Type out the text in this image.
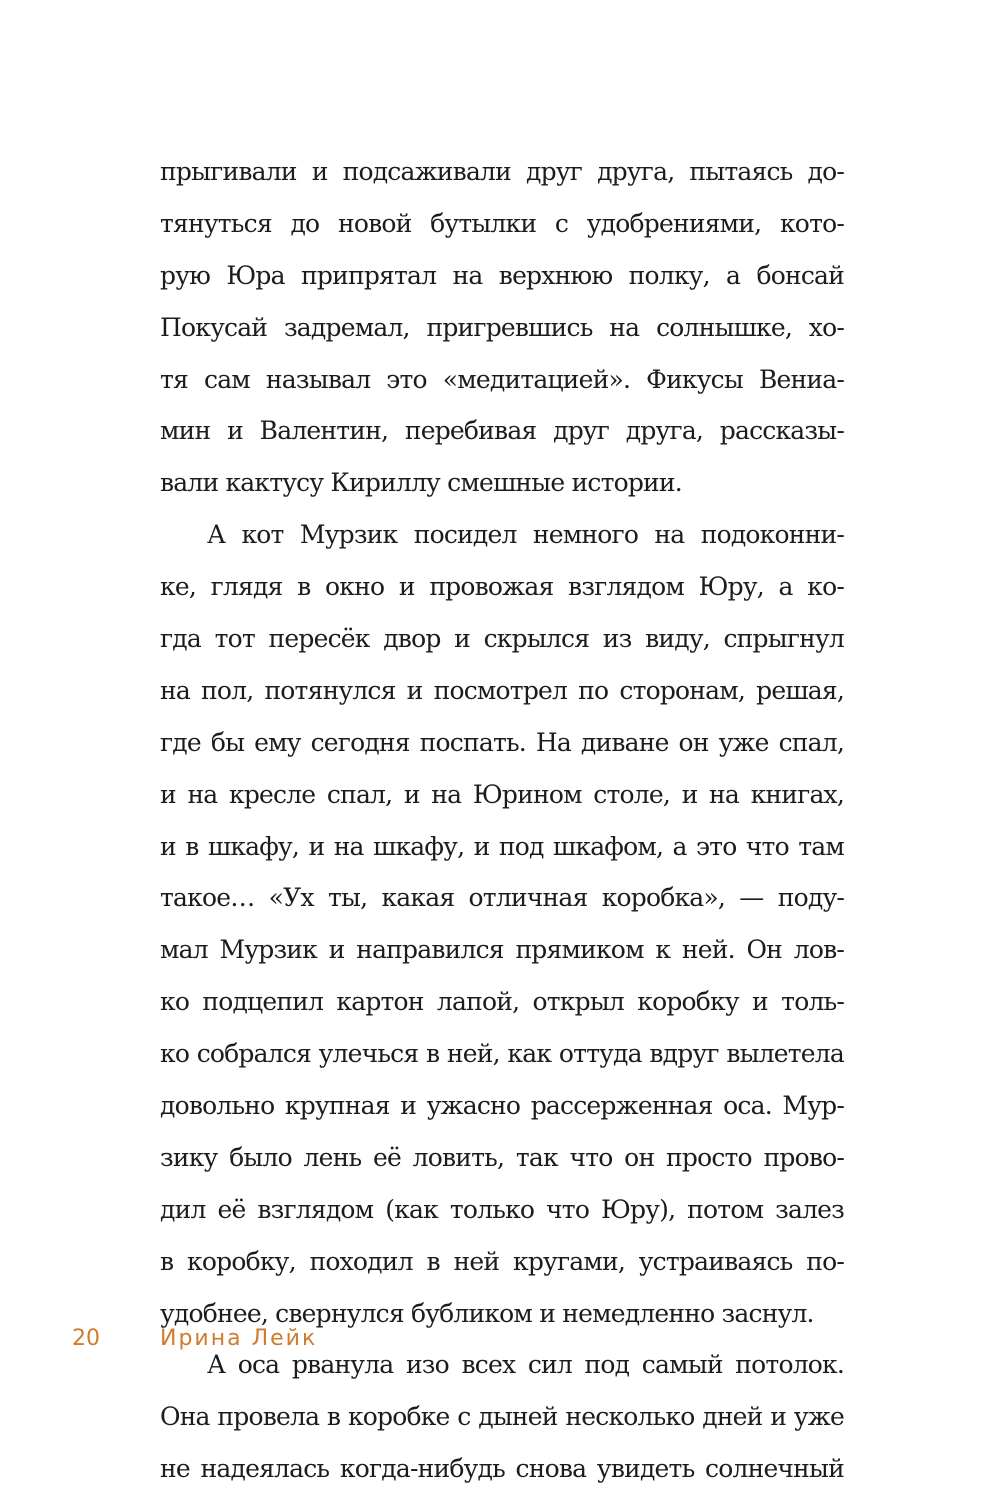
прыгивали и подсаживали друг друга, пытаясь до-
тянуться до новой бутылки с удобрениями, кото-
рую Юра припрятал на верхнюю полку, а бонсай
Покусай задремал, пригревшись на солнышке, хо-
тя сам называл это «медитацией». Фикусы Вениа-
мин и Валентин, перебивая друг друга, рассказы-
вали кактусу Кириллу смешные истории.
А кот Мурзик посидел немного на подоконни-
ке, глядя в окно и провожая взглядом Юру, а ко-
гда тот пересёк двор и скрылся из виду, спрыгнул
на пол, потянулся и посмотрел по сторонам, решая,
где бы ему сегодня поспать. На диване он уже спал,
и на кресле спал, и на Юрином столе, и на книгах,
и в шкафу, и на шкафу, и под шкафом, а это что там
такое… «Ух ты, какая отличная коробка», — поду-
мал Мурзик и направился прямиком к ней. Он лов-
ко подцепил картон лапой, открыл коробку и толь-
ко собрался улечься в ней, как оттуда вдруг вылетела
довольно крупная и ужасно рассерженная оса. Мур-
зику было лень её ловить, так что он просто прово-
дил её взглядом (как только что Юру), потом залез
в коробку, походил в ней кругами, устраиваясь по-
удобнее, свернулся бубликом и немедленно заснул.
А оса рванула изо всех сил под самый потолок.
Она провела в коробке с дыней несколько дней и уже
не надеялась когда-нибудь снова увидеть солнечный
20	Ирина Лейк
